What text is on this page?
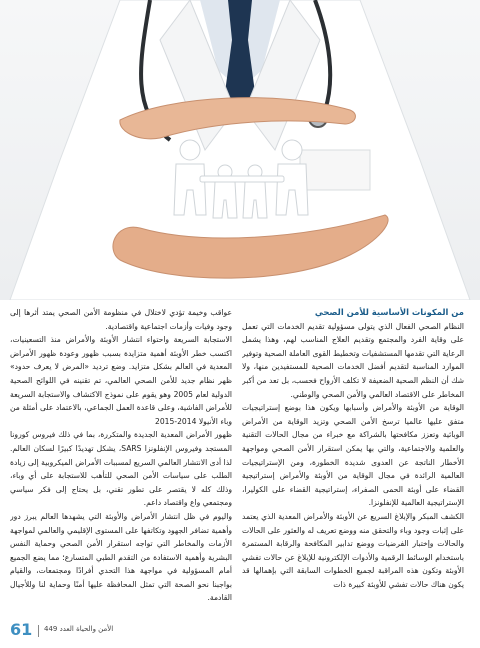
من المكونات الأساسية للأمن الصحي

النظام الصحي الفعال الذي يتولى مسؤولية تقديم الخدمات التي تعمل على وقاية الفرد والمجتمع وتقديم العلاج المناسب لهم، وهذا يشمل الرعاية التي تقدمها المستشفيات وتخطيط القوى العاملة الصحية وتوفير الموارد المناسبة لتقديم أفضل الخدمات الصحية للمستفيدين منها، ولا شك أن النظم الصحية الضعيفة لا تكلف الأرواح فحسب، بل تعد من أكبر المخاطر على الاقتصاد العالمي والأمن الصحي والوطني.

الوقاية من الأوبئة والأمراض وأسبابها ويكون هذا بوضع إستراتيجيات متفق عليها عالميا ترسخ الأمن الصحي وتزيد الوقاية من الأمراض الوبائية وتعزز مكافحتها بالشراكة مع خبراء من مجال الحالات التقنية والعلمية والاجتماعية، والتي بها يمكن استقرار الأمن الصحي ومواجهة الأخطار الناتجة عن العدوى شديدة الخطورة، ومن الإستراتيجيات العالمية الرائدة في مجال الوقاية من الأوبئة والأمراض إستراتيجية القضاء على أوبئة الحمى الصفراء، إستراتيجية القضاء على الكوليرا، الإستراتيجية العالمية للإنفلونزا.

الكشف المبكر والإبلاغ السريع عن الأوبئة والأمراض المعدية الذي يعتمد على إثبات وجود وباء والتحقق منه ووضع تعريف له والعثور على الحالات والحالات وإختبار الفرضيات ووضع تدابير المكافحة والرقابة المستمرة باستخدام الوسائط الرقمية والأدوات الإلكترونية للإبلاغ عن حالات تفشي الأوبئة وتكون هذه المراقبة لجميع الخطوات السابقة التي بإهمالها قد يكون هناك حالات تفشي للأوبئة كبيرة ذات

عواقب وخيمة تؤدي لاختلال في منظومة الأمن الصحي يمتد أثرها إلى وجود وفيات وأزمات اجتماعية واقتصادية.

الاستجابة السريعة واحتواء انتشار الأوبئة والأمراض منذ التسعينيات، اكتسب خطر الأوبئة أهمية متزايدة بسبب ظهور وعودة ظهور الأمراض المعدية في العالم بشكل متزايد. وضع ترديد «المرض لا يعرف حدود» ظهر نظام جديد للأمن الصحي العالمي، تم تقنينه في اللوائح الصحية الدولية لعام 2005 وهو يقوم على نموذج الاكتشاف والاستجابة السريعة للأمراض الفاشية، وعلى قاعدة العمل الجماعي، بالاعتماد على أمثلة من وباء الأنيولا 2014-2015

ظهور الأمراض المعدية الجديدة والمتكررة، بما في ذلك فيروس كورونا المستجد وفيروس الإنفلونزا SARS، يشكل تهديدًا كبيرًا لسكان العالم. لذا أدى الانتشار العالمي السريع لمسببات الأمراض الميكروبية إلى زيادة الطلب على سياسات الأمن الصحي للتأهب للاستجابة على أي وباء، وذلك كله لا يقتصر على تطور تقني، بل يحتاج إلى فكر سياسي ومجتمعي واع واقتصاد داعم.

واليوم في ظل انتشار الأمراض والأوبئة التي يشهدها العالم يبرز دور وأهمية تضافر الجهود وتكاتفها على المستوى الإقليمي والعالمي لمواجهة الأزمات والمخاطر التي تواجه استقرار الأمن الصحي وحماية النفس البشرية وأهمية الاستفادة من التقدم الطبي المتسارع؛ مما يضع الجميع أمام المسؤولية في مواجهة هذا التحدي أفرادًا ومجتمعات، والقيام بواجبنا نحو الصحة التي تمثل المحافظة عليها أمنًا وحماية لنا وللأجيال القادمة.

61 الأمن والحياة العدد 449
